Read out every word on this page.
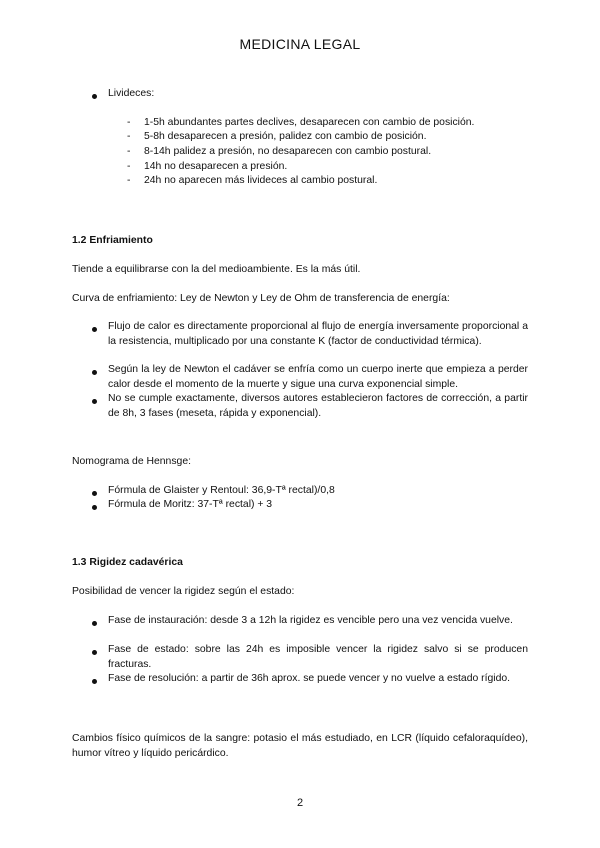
MEDICINA LEGAL
Livideces:
- 1-5h abundantes partes declives, desaparecen con cambio de posición.
- 5-8h desaparecen a presión, palidez con cambio de posición.
- 8-14h palidez a presión, no desaparecen con cambio postural.
- 14h no desaparecen a presión.
- 24h no aparecen más livideces al cambio postural.
1.2 Enfriamiento
Tiende a equilibrarse con la del medioambiente. Es la más útil.
Curva de enfriamiento: Ley de Newton y Ley de Ohm de transferencia de energía:
Flujo de calor es directamente proporcional al flujo de energía inversamente proporcional a la resistencia, multiplicado por una constante K (factor de conductividad térmica).
Según la ley de Newton el cadáver se enfría como un cuerpo inerte que empieza a perder calor desde el momento de la muerte y sigue una curva exponencial simple.
No se cumple exactamente, diversos autores establecieron factores de corrección, a partir de 8h, 3 fases (meseta, rápida y exponencial).
Nomograma de Hennsge:
Fórmula de Glaister y Rentoul: 36,9-Tª rectal)/0,8
Fórmula de Moritz: 37-Tª rectal) + 3
1.3 Rigidez cadavérica
Posibilidad de vencer la rigidez según el estado:
Fase de instauración: desde 3 a 12h la rigidez es vencible pero una vez vencida vuelve.
Fase de estado: sobre las 24h es imposible vencer la rigidez salvo si se producen fracturas.
Fase de resolución: a partir de 36h aprox. se puede vencer y no vuelve a estado rígido.
Cambios físico químicos de la sangre: potasio el más estudiado, en LCR (líquido cefaloraquídeo), humor vítreo y líquido pericárdico.
2
